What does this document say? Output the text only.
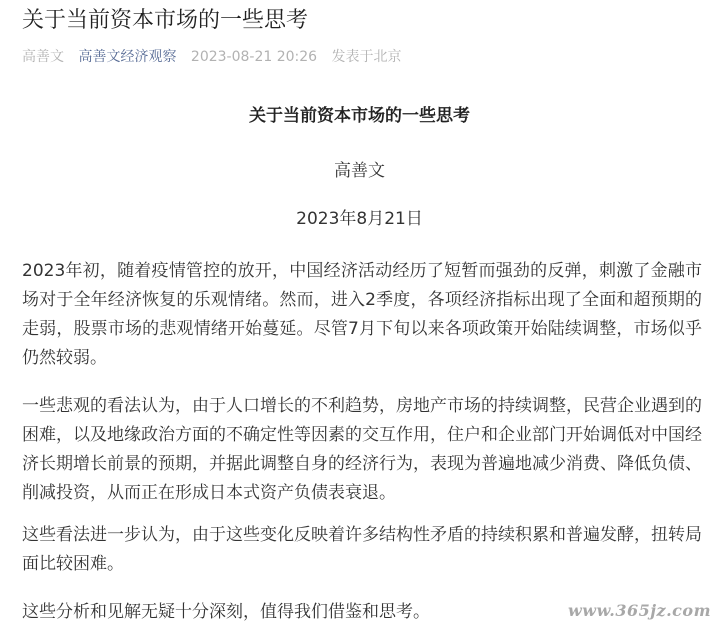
关于当前资本市场的一些思考
高善文 高善文经济观察 2023-08-21 20:26 发表于北京
关于当前资本市场的一些思考
高善文
2023年8月21日

2023年初，随着疫情管控的放开，中国经济活动经历了短暂而强劲的反弹，刺激了金融市场对于全年经济恢复的乐观情绪。然而，进入2季度，各项经济指标出现了全面和超预期的走弱，股票市场的悲观情绪开始蔓延。尽管7月下旬以来各项政策开始陆续调整，市场似乎仍然较弱。

一些悲观的看法认为，由于人口增长的不利趋势，房地产市场的持续调整，民营企业遇到的困难，以及地缘政治方面的不确定性等因素的交互作用，住户和企业部门开始调低对中国经济长期增长前景的预期，并据此调整自身的经济行为，表现为普遍地减少消费、降低负债、削减投资，从而正在形成日本式资产负债表衰退。

这些看法进一步认为，由于这些变化反映着许多结构性矛盾的持续积累和普遍发酵，扭转局面比较困难。

这些分析和见解无疑十分深刻，值得我们借鉴和思考。	www.365jz.com
